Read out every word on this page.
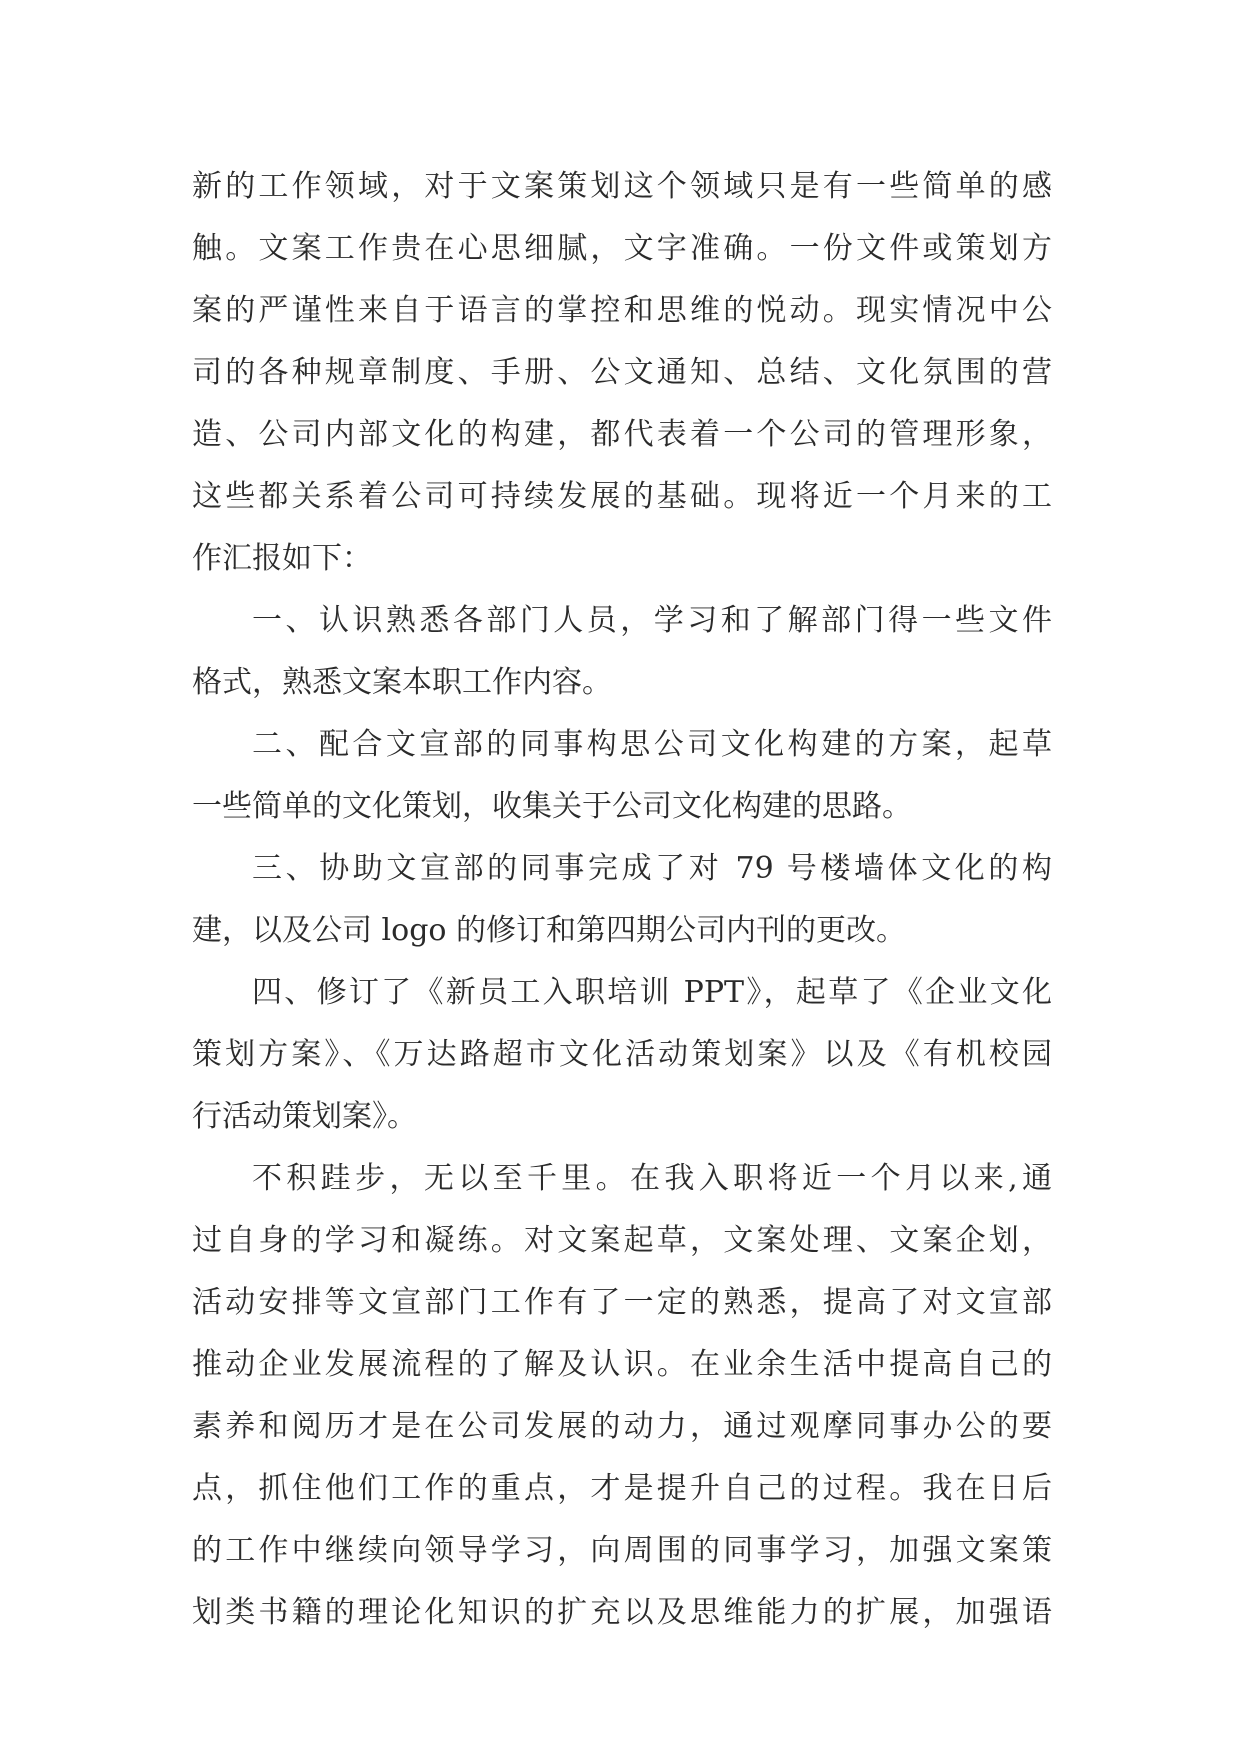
新的工作领域，对于文案策划这个领域只是有一些简单的感
触。文案工作贵在心思细腻，文字准确。一份文件或策划方
案的严谨性来自于语言的掌控和思维的悦动。现实情况中公
司的各种规章制度、手册、公文通知、总结、文化氛围的营
造、公司内部文化的构建，都代表着一个公司的管理形象，
这些都关系着公司可持续发展的基础。现将近一个月来的工
作汇报如下：
一、认识熟悉各部门人员，学习和了解部门得一些文件
格式，熟悉文案本职工作内容。
二、配合文宣部的同事构思公司文化构建的方案，起草
一些简单的文化策划，收集关于公司文化构建的思路。
三、协助文宣部的同事完成了对 79 号楼墙体文化的构
建，以及公司 logo 的修订和第四期公司内刊的更改。
四、修订了《新员工入职培训 PPT》，起草了《企业文化
策划方案》、《万达路超市文化活动策划案》以及《有机校园
行活动策划案》。
不积跬步，无以至千里。在我入职将近一个月以来,通
过自身的学习和凝练。对文案起草，文案处理、文案企划，
活动安排等文宣部门工作有了一定的熟悉，提高了对文宣部
推动企业发展流程的了解及认识。在业余生活中提高自己的
素养和阅历才是在公司发展的动力，通过观摩同事办公的要
点，抓住他们工作的重点，才是提升自己的过程。我在日后
的工作中继续向领导学习，向周围的同事学习，加强文案策
划类书籍的理论化知识的扩充以及思维能力的扩展，加强语
